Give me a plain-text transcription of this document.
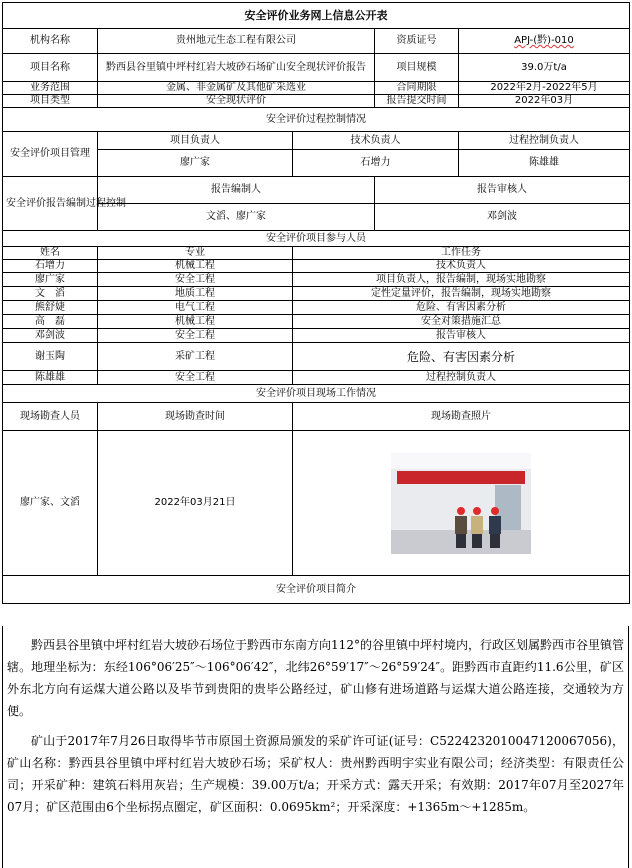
安全评价业务网上信息公开表				
机构名称	贵州地元生态工程有限公司		资质证号	APJ-(黔)-010
项目名称	黔西县谷里镇中坪村红岩大坡砂石场矿山安全现状评价报告		项目规模	39.0万t/a
业务范围	金属、非金属矿及其他矿采选业		合同期限	2022年2月-2022年5月
项目类型	安全现状评价		报告提交时间	2022年03月
安全评价过程控制情况				
安全评价项目管理	项目负责人	技术负责人		过程控制负责人
	廖广家	石增力		陈雄雄
安全评价报告编制过程控制	报告编制人		报告审核人	
	文滔、廖广家		邓剑波	
安全评价项目参与人员				
姓名	专业	工作任务		
石增力	机械工程	技术负责人		
廖广家	安全工程	项目负责人，报告编制，现场实地勘察		
文　滔	地质工程	定性定量评价，报告编制，现场实地勘察		
熊舒婕	电气工程	危险、有害因素分析		
高　磊	机械工程	安全对策措施汇总		
邓剑波	安全工程	报告审核人		
谢玉陶	采矿工程	危险、有害因素分析		
陈雄雄	安全工程	过程控制负责人		
安全评价项目现场工作情况				
现场勘查人员	现场勘查时间	现场勘查照片		
廖广家、文滔	2022年03月21日			

安全评价项目简介				

黔西县谷里镇中坪村红岩大坡砂石场位于黔西市东南方向112°的谷里镇中坪村境内，行政区划属黔西市谷里镇管辖。地理坐标为：东经106°06′25″～106°06′42″，北纬26°59′17″～26°59′24″。距黔西市直距约11.6公里，矿区外东北方向有运煤大道公路以及毕节到贵阳的贵毕公路经过，矿山修有进场道路与运煤大道公路连接，交通较为方便。

矿山于2017年7月26日取得毕节市原国土资源局颁发的采矿许可证(证号：C5224232010047120067056)，矿山名称：黔西县谷里镇中坪村红岩大坡砂石场；采矿权人：贵州黔西明宇实业有限公司；经济类型：有限责任公司；开采矿种：建筑石料用灰岩；生产规模：39.00万t/a；开采方式：露天开采；有效期：2017年07月至2027年07月；矿区范围由6个坐标拐点圈定，矿区面积：0.0695km²；开采深度：+1365m～+1285m。
